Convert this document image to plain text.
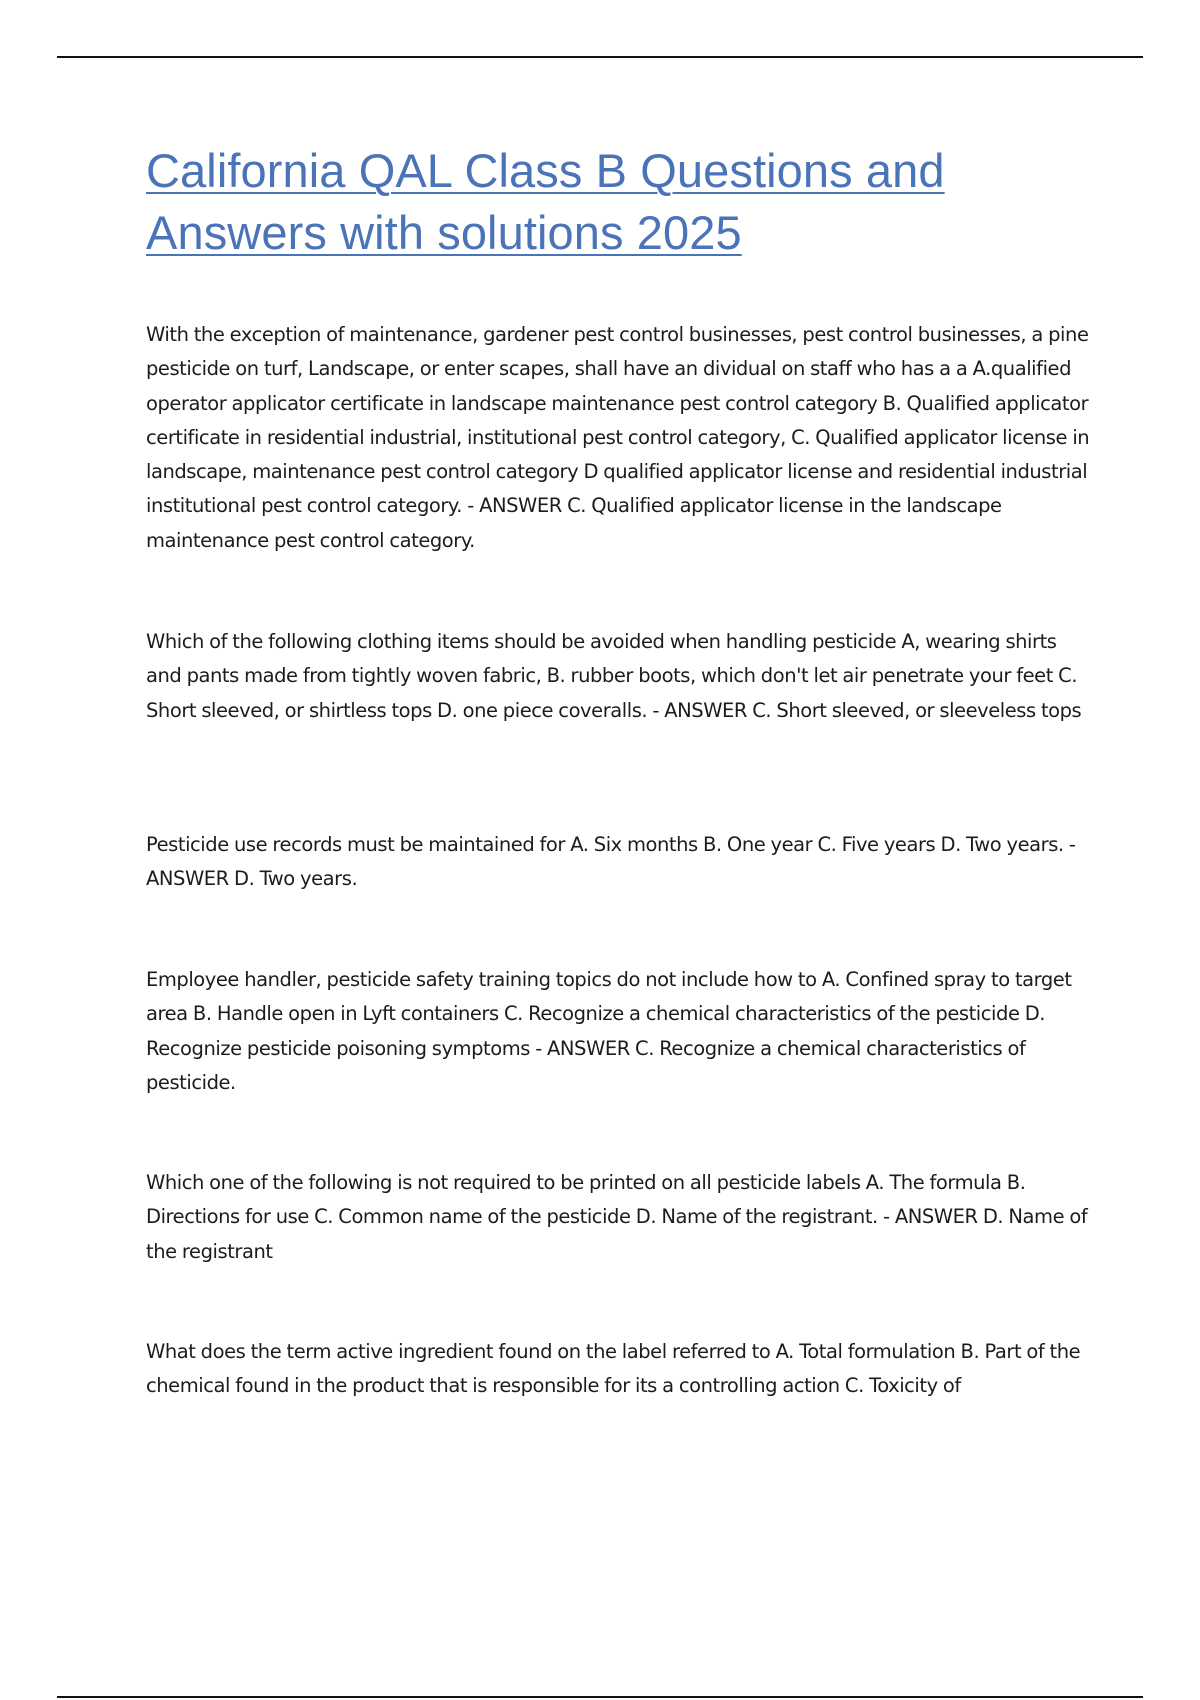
California QAL Class B Questions and Answers with solutions 2025

With the exception of maintenance, gardener pest control businesses, pest control businesses, a pine pesticide on turf, Landscape, or enter scapes, shall have an dividual on staff who has a a A.qualified operator applicator certificate in landscape maintenance pest control category B. Qualified applicator certificate in residential industrial, institutional pest control category, C. Qualified applicator license in landscape, maintenance pest control category D qualified applicator license and residential industrial institutional pest control category. - ANSWER C. Qualified applicator license in the landscape maintenance pest control category.

Which of the following clothing items should be avoided when handling pesticide A, wearing shirts and pants made from tightly woven fabric, B. rubber boots, which don't let air penetrate your feet C. Short sleeved, or shirtless tops D. one piece coveralls. - ANSWER C. Short sleeved, or sleeveless tops

Pesticide use records must be maintained for A. Six months B. One year C. Five years D. Two years. - ANSWER D. Two years.

Employee handler, pesticide safety training topics do not include how to A. Confined spray to target area B. Handle open in Lyft containers C. Recognize a chemical characteristics of the pesticide D. Recognize pesticide poisoning symptoms - ANSWER C. Recognize a chemical characteristics of pesticide.

Which one of the following is not required to be printed on all pesticide labels A. The formula B. Directions for use C. Common name of the pesticide D. Name of the registrant. - ANSWER D. Name of the registrant

What does the term active ingredient found on the label referred to A. Total formulation B. Part of the chemical found in the product that is responsible for its a controlling action C. Toxicity of
